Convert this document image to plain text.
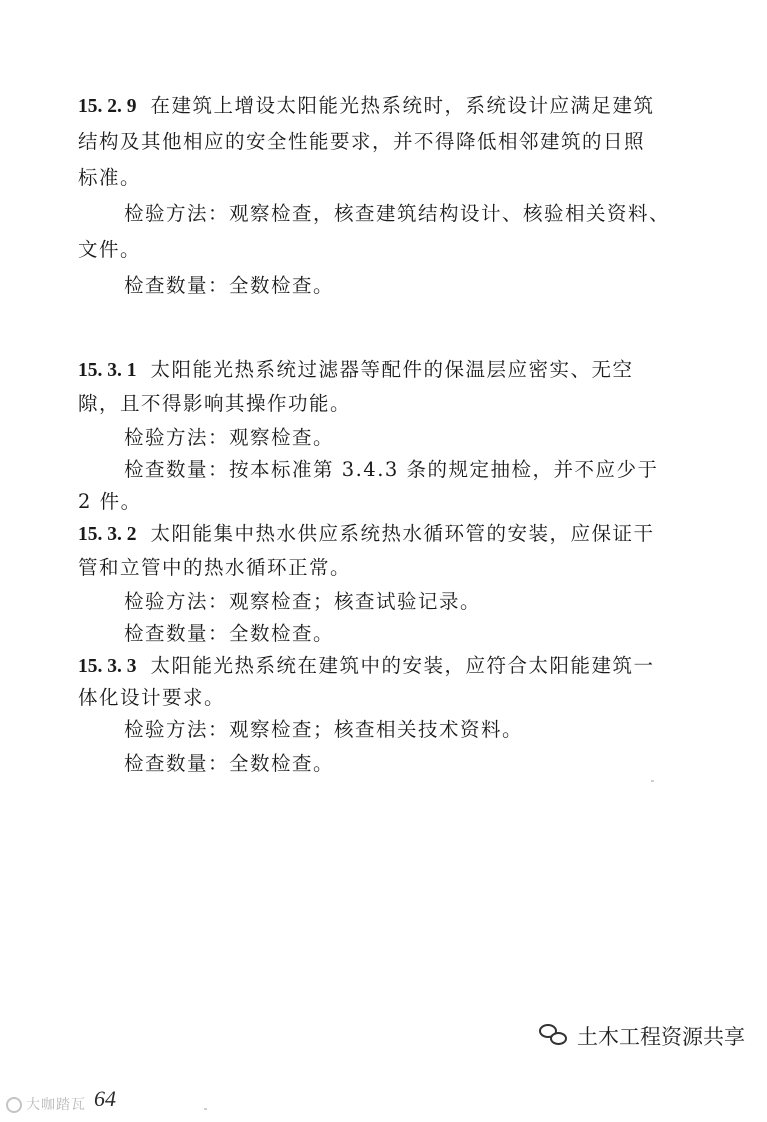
15. 2. 9 在建筑上增设太阳能光热系统时，系统设计应满足建筑
结构及其他相应的安全性能要求，并不得降低相邻建筑的日照
标准。
检验方法：观察检查，核查建筑结构设计、核验相关资料、
文件。
检查数量：全数检查。
15. 3. 1 太阳能光热系统过滤器等配件的保温层应密实、无空
隙，且不得影响其操作功能。
检验方法：观察检查。
检查数量：按本标准第 3.4.3 条的规定抽检，并不应少于
2 件。
15. 3. 2 太阳能集中热水供应系统热水循环管的安装，应保证干
管和立管中的热水循环正常。
检验方法：观察检查；核查试验记录。
检查数量：全数检查。
15. 3. 3 太阳能光热系统在建筑中的安装，应符合太阳能建筑一
体化设计要求。
检验方法：观察检查；核查相关技术资料。
检查数量：全数检查。
64
大咖踏瓦
土木工程资源共享
